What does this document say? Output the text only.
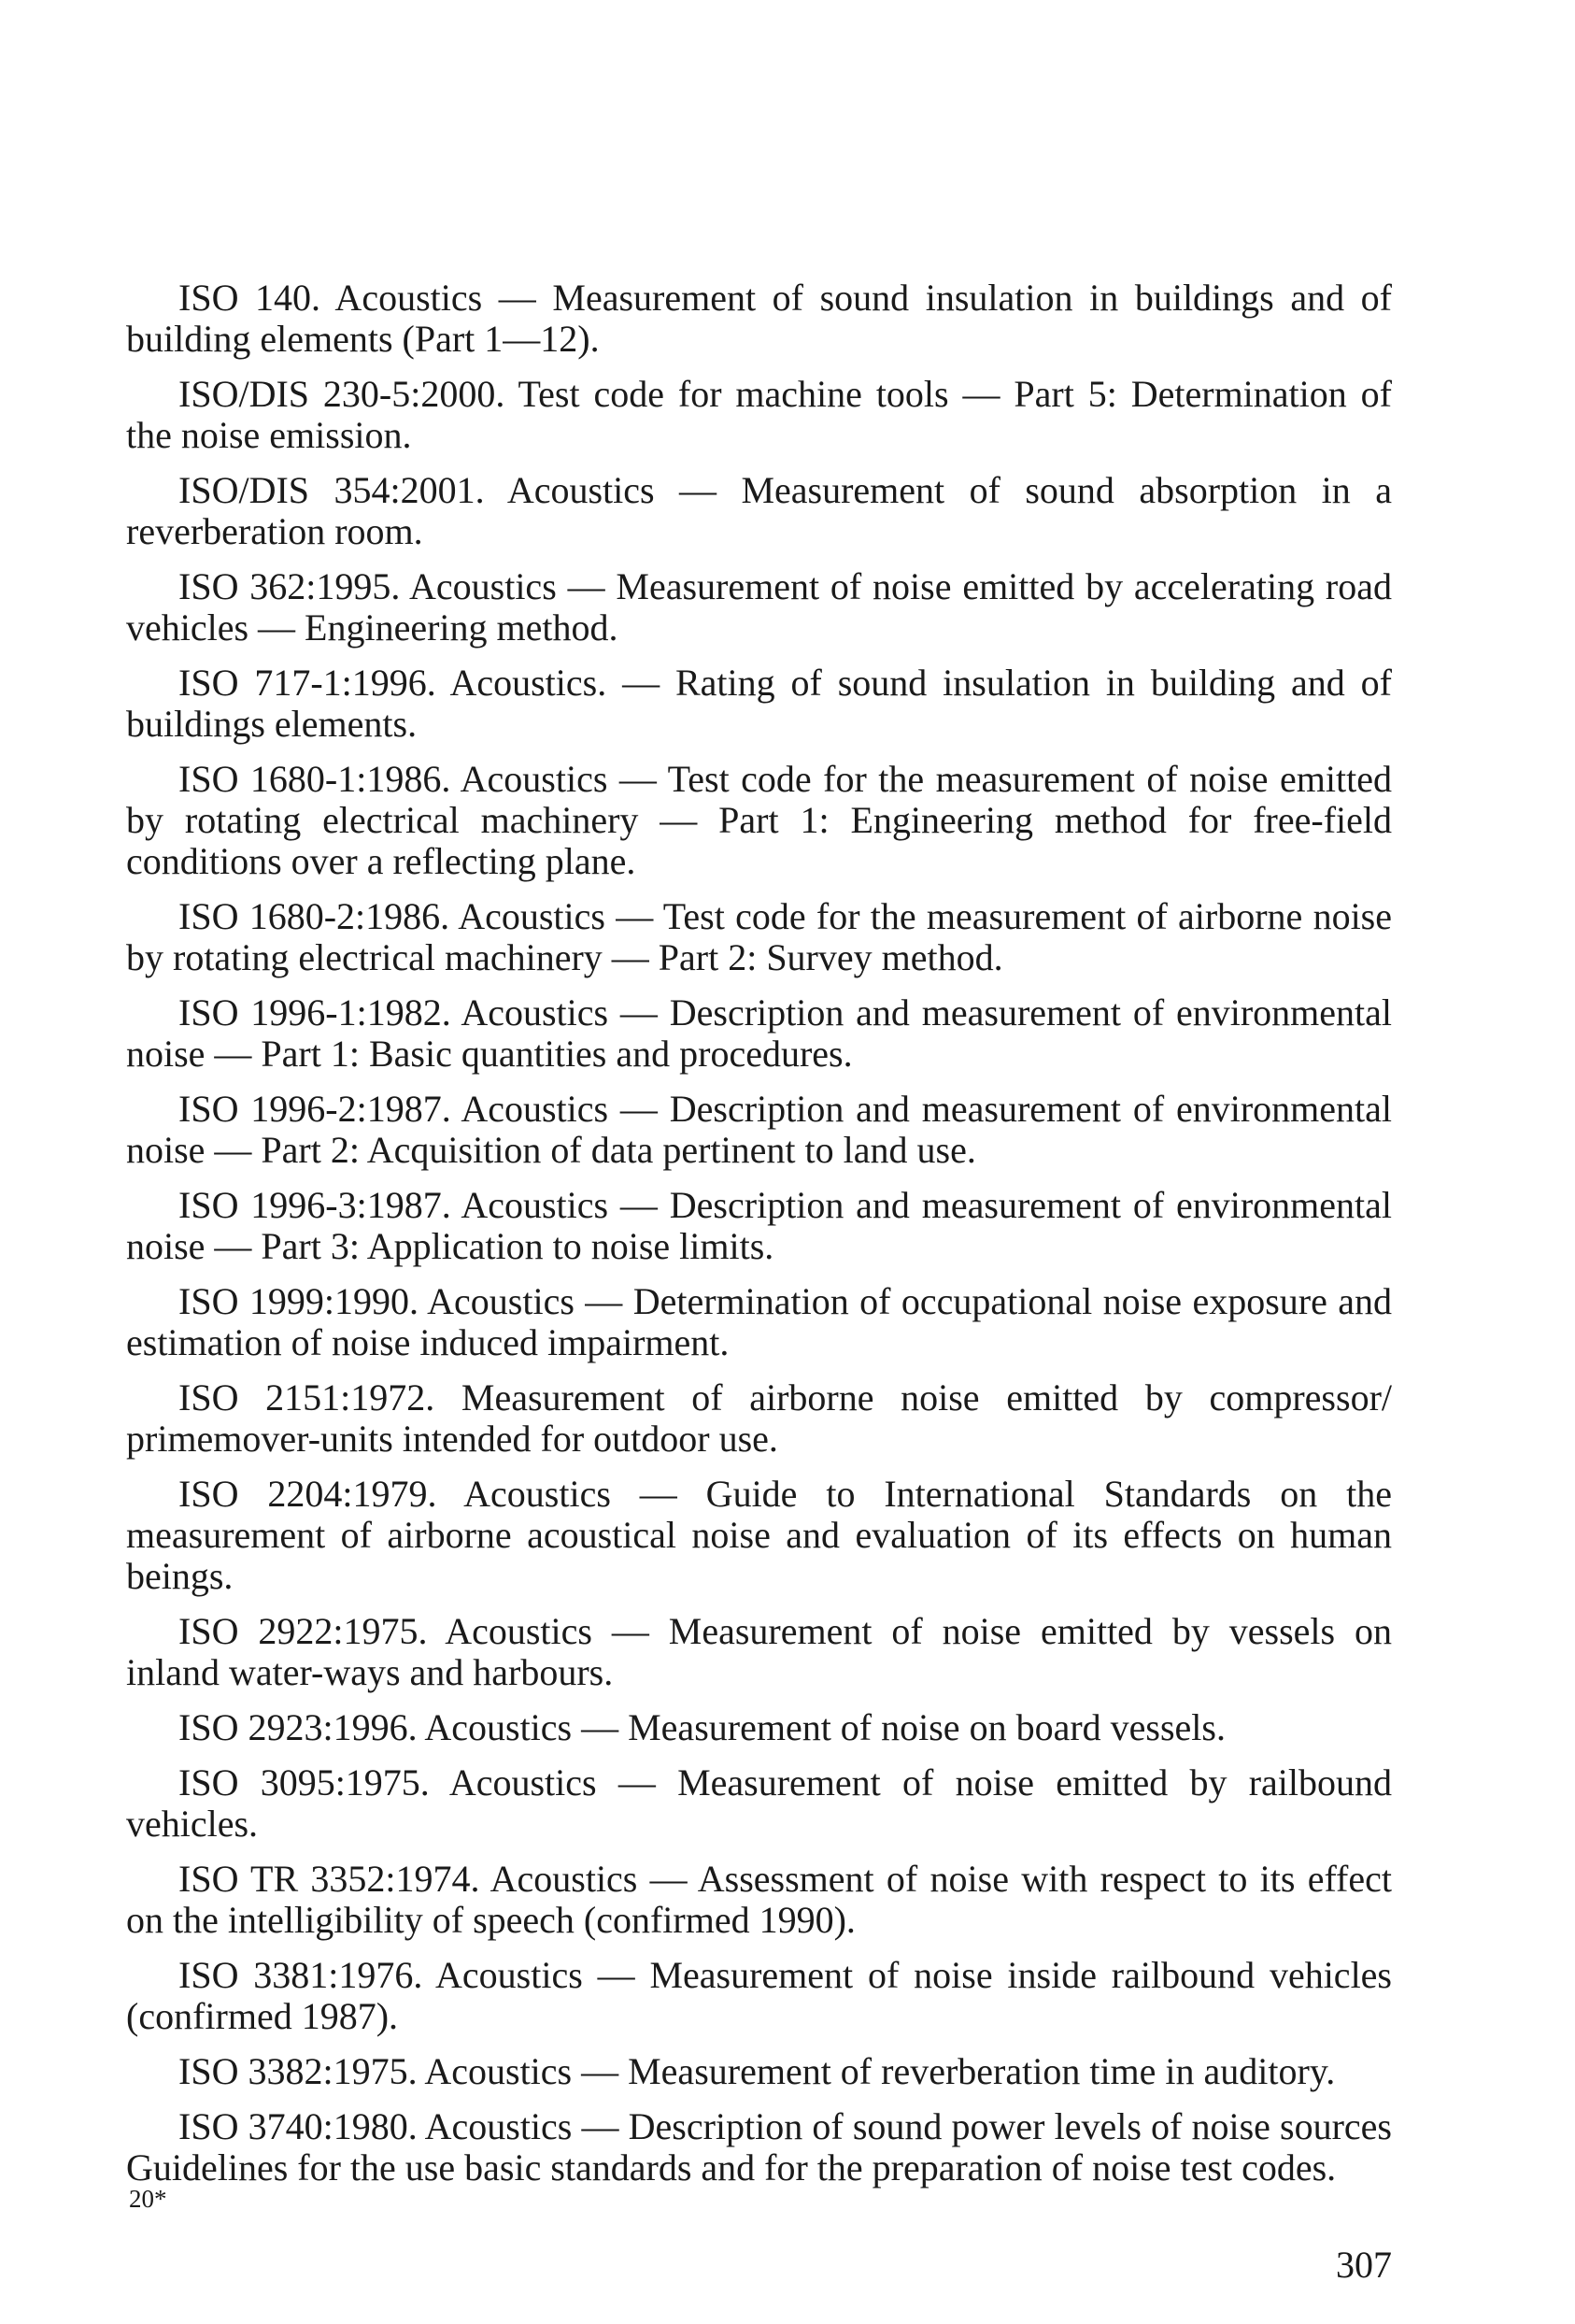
ISO 140. Acoustics — Measurement of sound insulation in buildings and of building elements (Part 1—12).
ISO/DIS 230-5:2000. Test code for machine tools — Part 5: Determination of the noise emission.
ISO/DIS 354:2001. Acoustics — Measurement of sound absorption in a reverberation room.
ISO 362:1995. Acoustics — Measurement of noise emitted by accelerating road vehicles — Engineering method.
ISO 717-1:1996. Acoustics. — Rating of sound insulation in building and of buildings elements.
ISO 1680-1:1986. Acoustics — Test code for the measurement of noise emitted by rotating electrical machinery — Part 1: Engineering method for free-field conditions over a reflecting plane.
ISO 1680-2:1986. Acoustics — Test code for the measurement of airborne noise by rotating electrical machinery — Part 2: Survey method.
ISO 1996-1:1982. Acoustics — Description and measurement of environmental noise — Part 1: Basic quantities and procedures.
ISO 1996-2:1987. Acoustics — Description and measurement of environmental noise — Part 2: Acquisition of data pertinent to land use.
ISO 1996-3:1987. Acoustics — Description and measurement of environmental noise — Part 3: Application to noise limits.
ISO 1999:1990. Acoustics — Determination of occupational noise exposure and estimation of noise induced impairment.
ISO 2151:1972. Measurement of airborne noise emitted by compressor/ primemover-units intended for outdoor use.
ISO 2204:1979. Acoustics — Guide to International Standards on the measurement of airborne acoustical noise and evaluation of its effects on human beings.
ISO 2922:1975. Acoustics — Measurement of noise emitted by vessels on inland water-ways and harbours.
ISO 2923:1996. Acoustics — Measurement of noise on board vessels.
ISO 3095:1975. Acoustics — Measurement of noise emitted by railbound vehicles.
ISO TR 3352:1974. Acoustics — Assessment of noise with respect to its effect on the intelligibility of speech (confirmed 1990).
ISO 3381:1976. Acoustics — Measurement of noise inside railbound vehicles (confirmed 1987).
ISO 3382:1975. Acoustics — Measurement of reverberation time in auditory.
ISO 3740:1980. Acoustics — Description of sound power levels of noise sources Guidelines for the use basic standards and for the preparation of noise test codes.
20*
307
